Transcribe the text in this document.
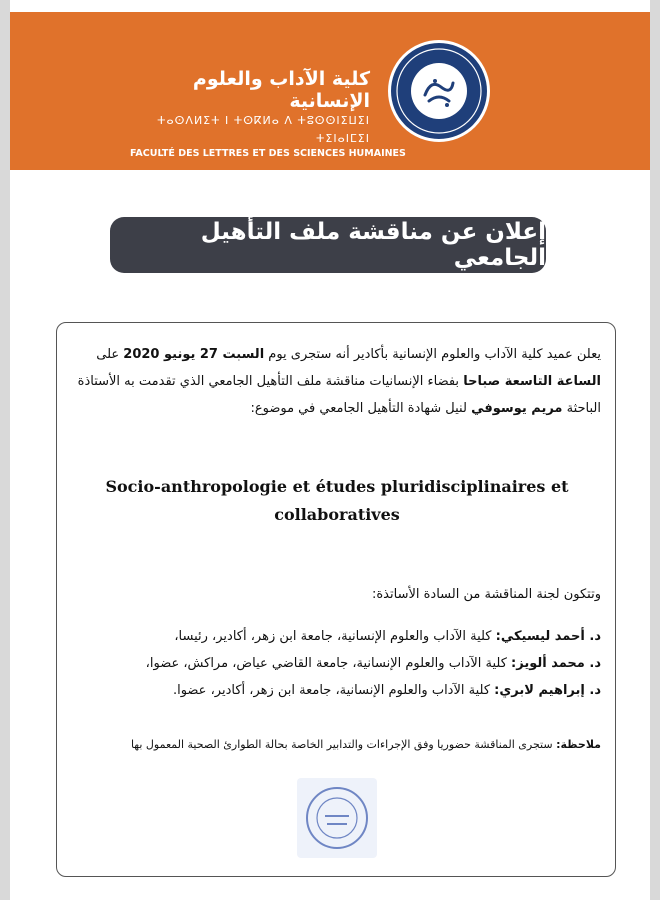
كلية الآداب والعلوم الإنسانية
ⵜⴰⵙⴷⵍⵉⵜ ⵏ ⵜⵙⴽⵍⴰ ⴷ ⵜⵓⵙⵙⵏⵉⵡⵉⵏ ⵜⵉⵏⴰⵏⵎⵉⵏ
FACULTÉ DES LETTRES ET DES SCIENCES HUMAINES
إعلان عن مناقشة ملف التأهيل الجامعي
يعلن عميد كلية الآداب والعلوم الإنسانية بأكادير أنه ستجرى يوم السبت 27 يونيو 2020 على
الساعة التاسعة صباحا بفضاء الإنسانيات مناقشة ملف التأهيل الجامعي الذي تقدمت به الأستاذة
الباحثة مريم يوسوفي لنيل شهادة التأهيل الجامعي في موضوع:
Socio-anthropologie et études pluridisciplinaires et collaboratives
وتتكون لجنة المناقشة من السادة الأساتذة:
د. أحمد ليسيكي: كلية الآداب والعلوم الإنسانية، جامعة ابن زهر، أكادير، رئيسا،
د. محمد ألويز: كلية الآداب والعلوم الإنسانية، جامعة القاضي عياض، مراكش، عضوا،
د. إبراهيم لابري: كلية الآداب والعلوم الإنسانية، جامعة ابن زهر، أكادير، عضوا.
ملاحظة: ستجرى المناقشة حضوريا وفق الإجراءات والتدابير الخاصة بحالة الطوارئ الصحية المعمول بها
